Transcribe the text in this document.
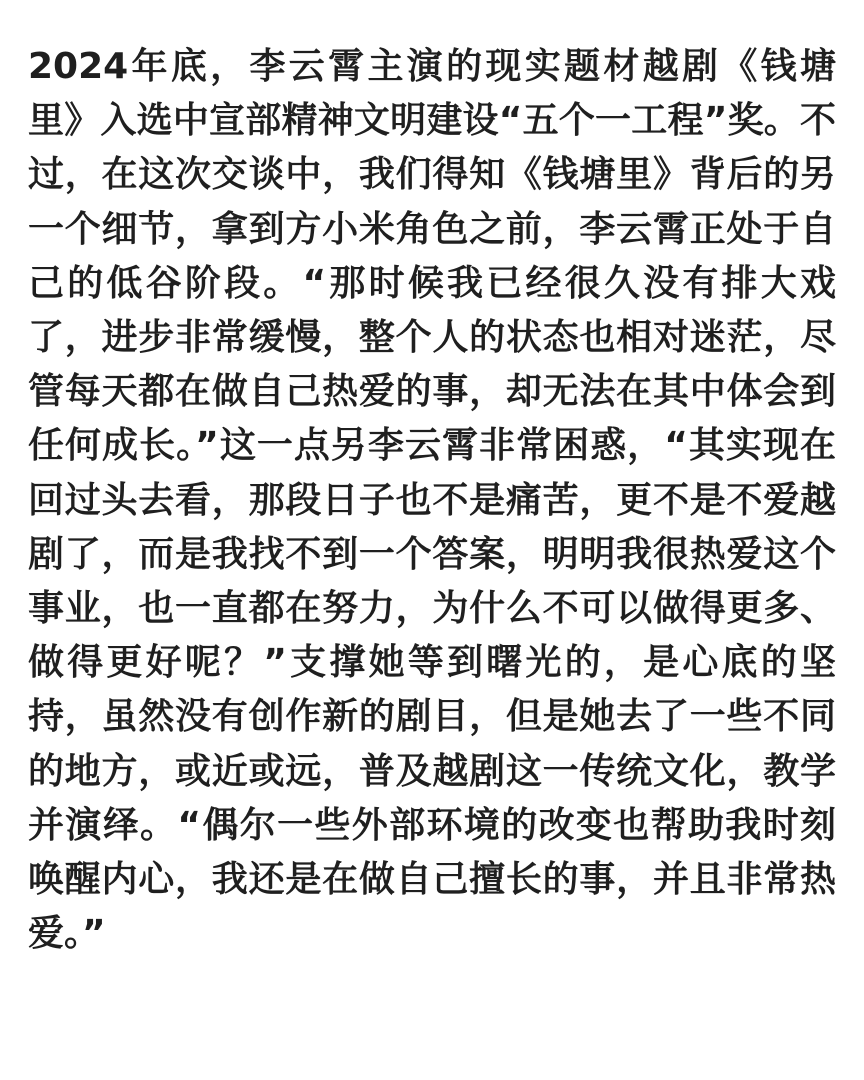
2024年底，李云霄主演的现实题材越剧《钱塘
里》入选中宣部精神文明建设“五个一工程”奖。不
过，在这次交谈中，我们得知《钱塘里》背后的另
一个细节，拿到方小米角色之前，李云霄正处于自
己的低谷阶段。“那时候我已经很久没有排大戏
了，进步非常缓慢，整个人的状态也相对迷茫，尽
管每天都在做自己热爱的事，却无法在其中体会到
任何成长。”这一点另李云霄非常困惑，“其实现在
回过头去看，那段日子也不是痛苦，更不是不爱越
剧了，而是我找不到一个答案，明明我很热爱这个
事业，也一直都在努力，为什么不可以做得更多、
做得更好呢？”支撑她等到曙光的，是心底的坚
持，虽然没有创作新的剧目，但是她去了一些不同
的地方，或近或远，普及越剧这一传统文化，教学
并演绎。“偶尔一些外部环境的改变也帮助我时刻
唤醒内心，我还是在做自己擅长的事，并且非常热
爱。”
